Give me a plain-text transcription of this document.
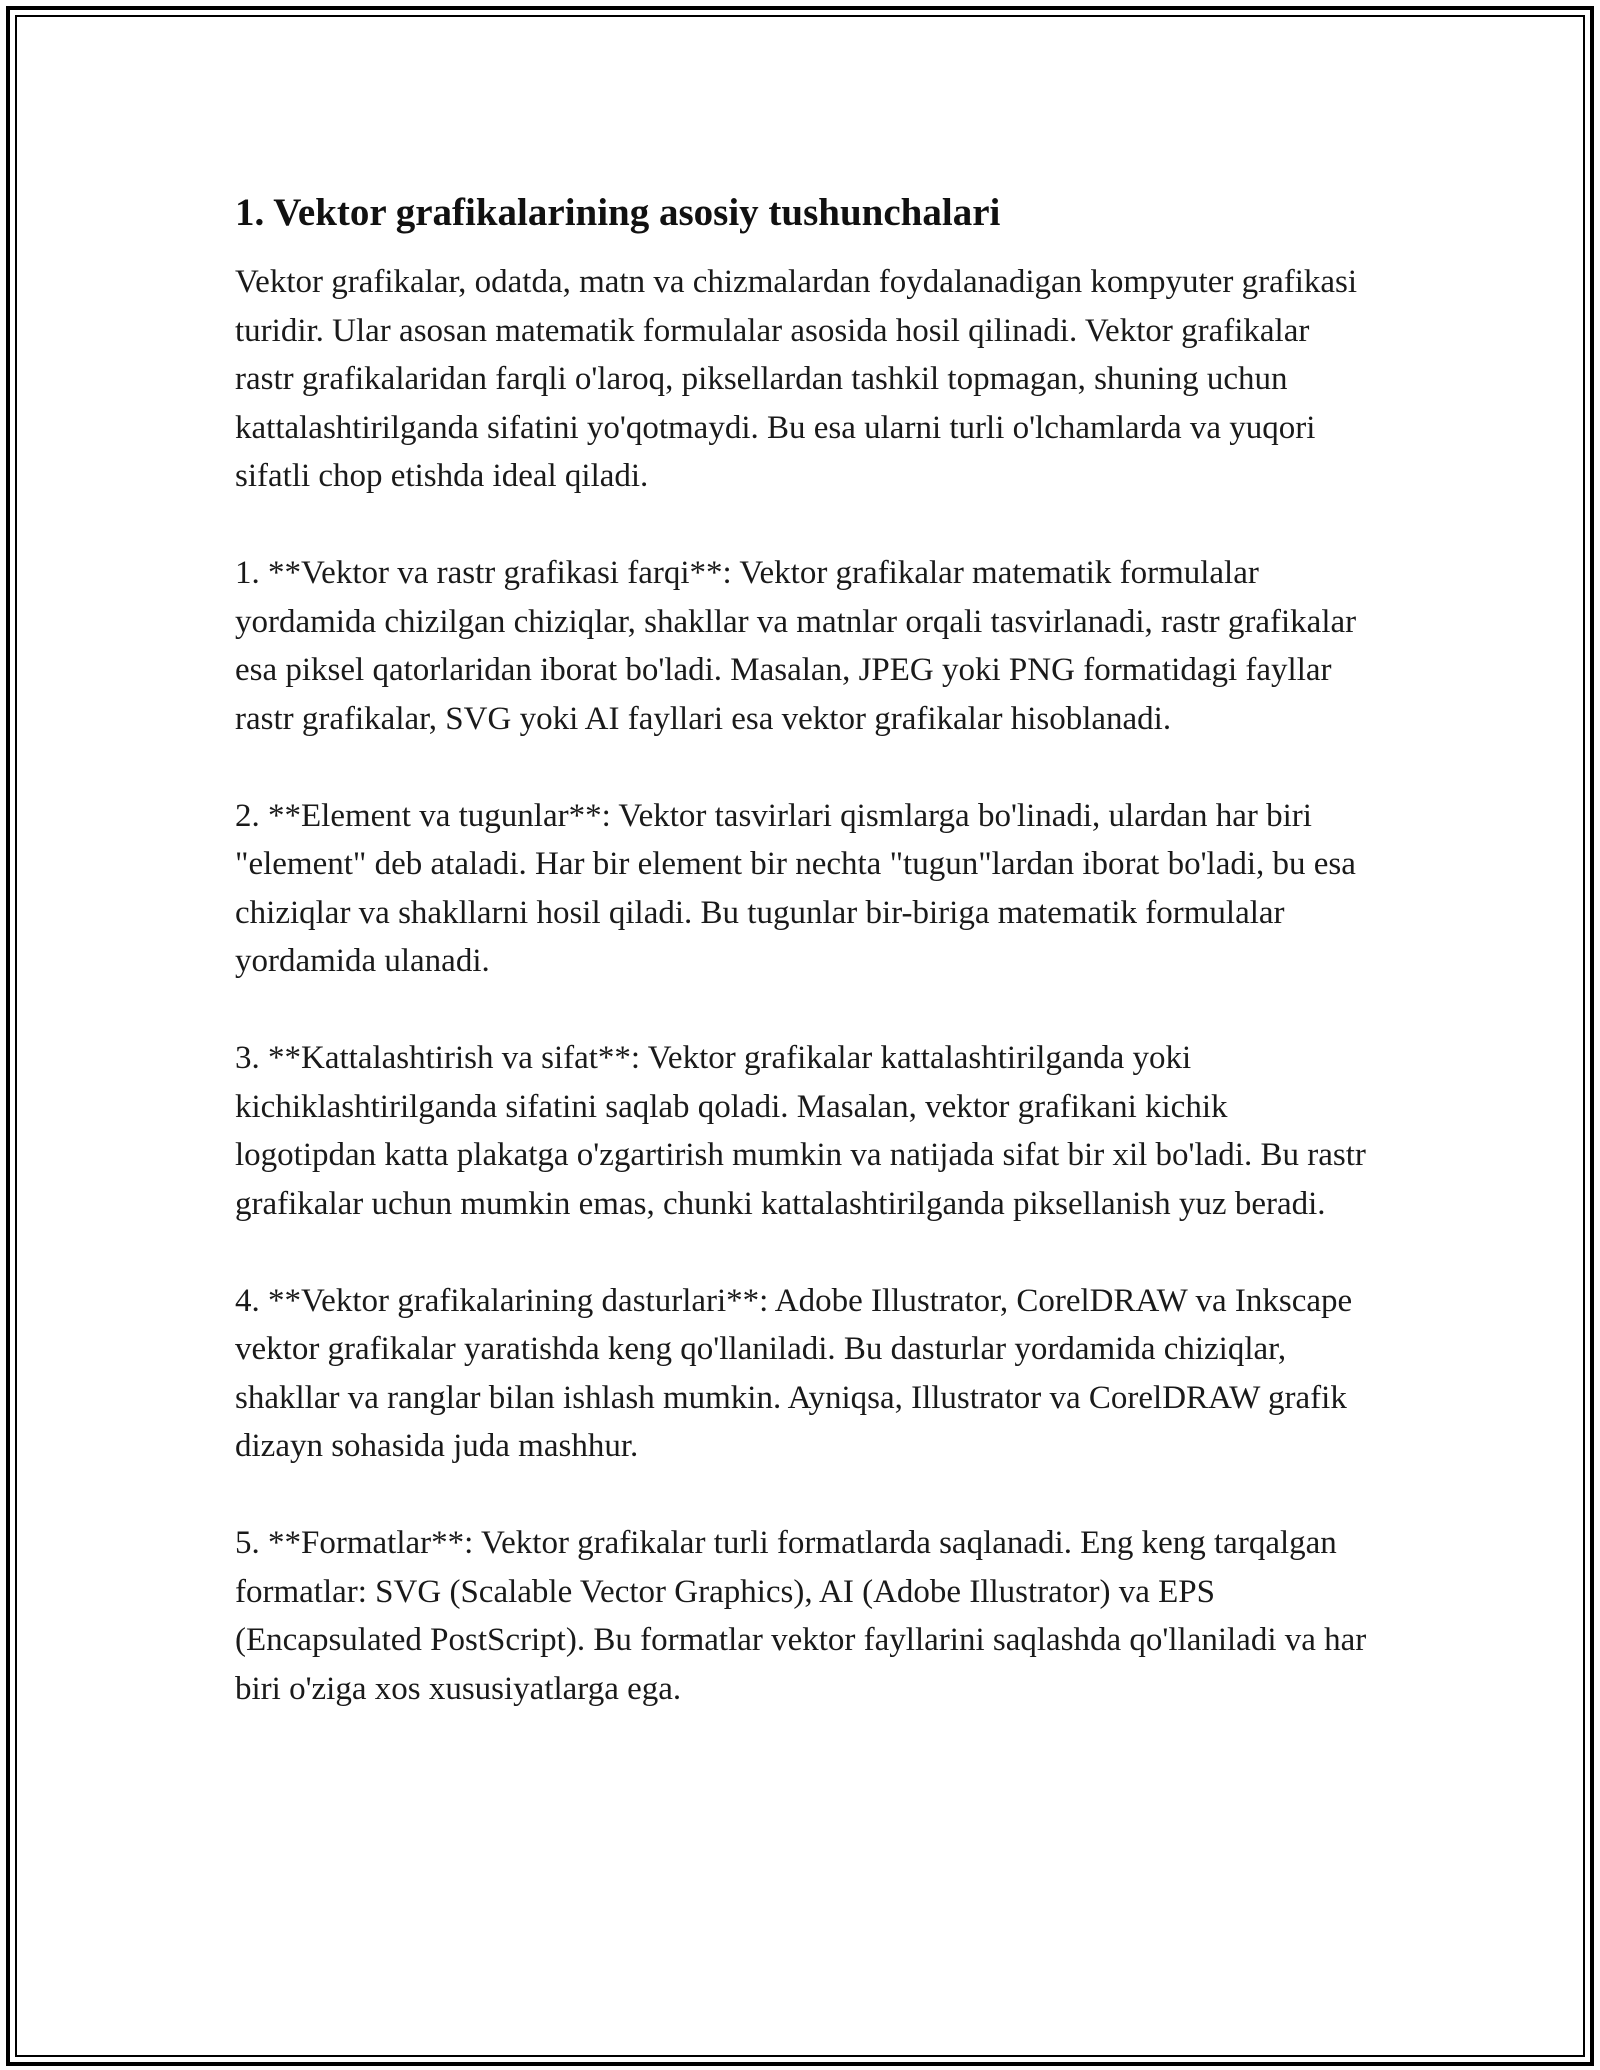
1. Vektor grafikalarining asosiy tushunchalari

Vektor grafikalar, odatda, matn va chizmalardan foydalanadigan kompyuter grafikasi turidir. Ular asosan matematik formulalar asosida hosil qilinadi. Vektor grafikalar rastr grafikalaridan farqli o'laroq, piksellardan tashkil topmagan, shuning uchun kattalashtirilganda sifatini yo'qotmaydi. Bu esa ularni turli o'lchamlarda va yuqori sifatli chop etishda ideal qiladi.

1. **Vektor va rastr grafikasi farqi**: Vektor grafikalar matematik formulalar yordamida chizilgan chiziqlar, shakllar va matnlar orqali tasvirlanadi, rastr grafikalar esa piksel qatorlaridan iborat bo'ladi. Masalan, JPEG yoki PNG formatidagi fayllar rastr grafikalar, SVG yoki AI fayllari esa vektor grafikalar hisoblanadi.

2. **Element va tugunlar**: Vektor tasvirlari qismlarga bo'linadi, ulardan har biri "element" deb ataladi. Har bir element bir nechta "tugun"lardan iborat bo'ladi, bu esa chiziqlar va shakllarni hosil qiladi. Bu tugunlar bir-biriga matematik formulalar yordamida ulanadi.

3. **Kattalashtirish va sifat**: Vektor grafikalar kattalashtirilganda yoki kichiklashtirilganda sifatini saqlab qoladi. Masalan, vektor grafikani kichik logotipdan katta plakatga o'zgartirish mumkin va natijada sifat bir xil bo'ladi. Bu rastr grafikalar uchun mumkin emas, chunki kattalashtirilganda piksellanish yuz beradi.

4. **Vektor grafikalarining dasturlari**: Adobe Illustrator, CorelDRAW va Inkscape vektor grafikalar yaratishda keng qo'llaniladi. Bu dasturlar yordamida chiziqlar, shakllar va ranglar bilan ishlash mumkin. Ayniqsa, Illustrator va CorelDRAW grafik dizayn sohasida juda mashhur.

5. **Formatlar**: Vektor grafikalar turli formatlarda saqlanadi. Eng keng tarqalgan formatlar: SVG (Scalable Vector Graphics), AI (Adobe Illustrator) va EPS (Encapsulated PostScript). Bu formatlar vektor fayllarini saqlashda qo'llaniladi va har biri o'ziga xos xususiyatlarga ega.
